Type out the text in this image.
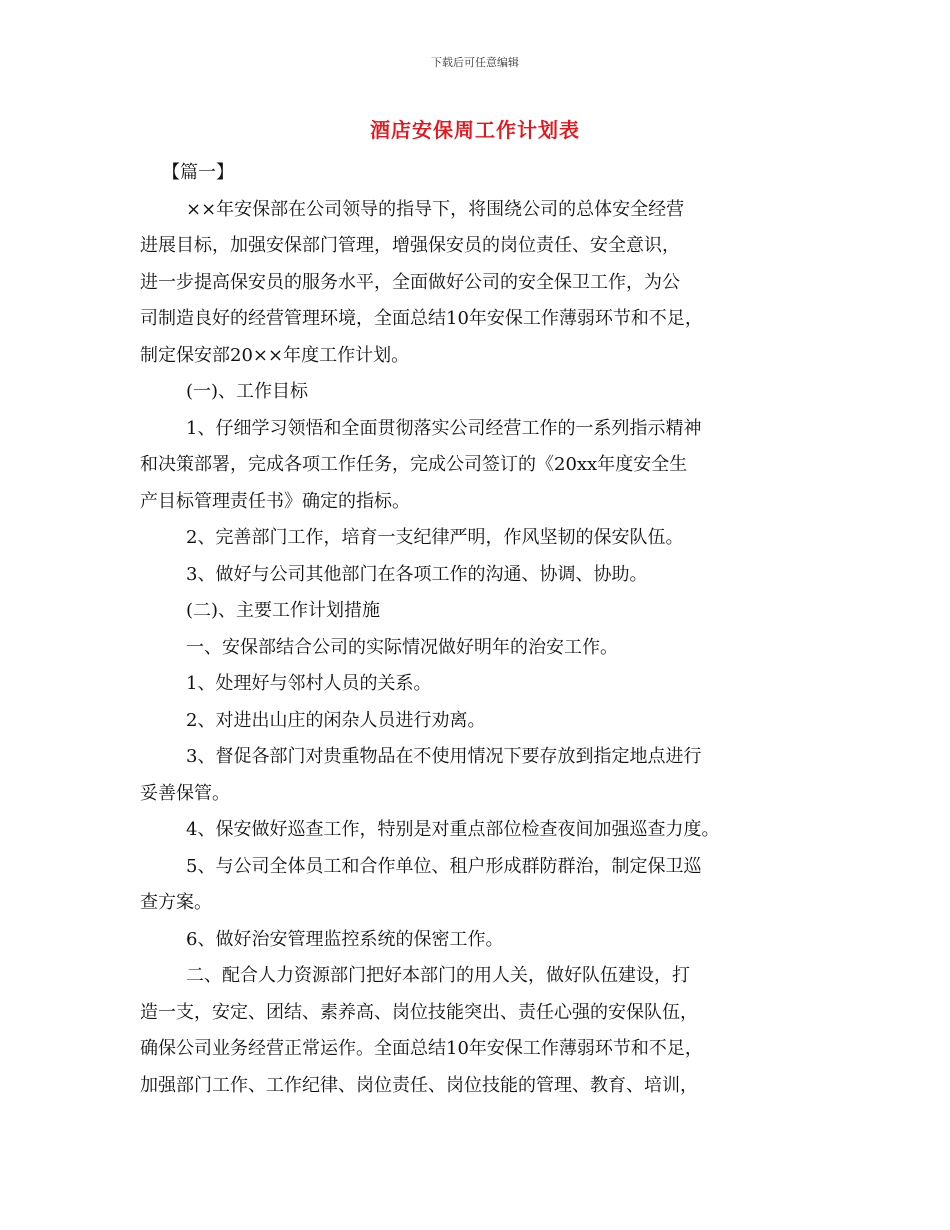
下载后可任意编辑
酒店安保周工作计划表

【篇一】

××年安保部在公司领导的指导下，将围绕公司的总体安全经营

进展目标，加强安保部门管理，增强保安员的岗位责任、安全意识，

进一步提高保安员的服务水平，全面做好公司的安全保卫工作，为公

司制造良好的经营管理环境，全面总结10年安保工作薄弱环节和不足，

制定保安部20××年度工作计划。

(一)、工作目标

1、仔细学习领悟和全面贯彻落实公司经营工作的一系列指示精神

和决策部署，完成各项工作任务，完成公司签订的《20xx年度安全生

产目标管理责任书》确定的指标。

2、完善部门工作，培育一支纪律严明，作风坚韧的保安队伍。

3、做好与公司其他部门在各项工作的沟通、协调、协助。

(二)、主要工作计划措施

一、安保部结合公司的实际情况做好明年的治安工作。

1、处理好与邻村人员的关系。

2、对进出山庄的闲杂人员进行劝离。

3、督促各部门对贵重物品在不使用情况下要存放到指定地点进行

妥善保管。

4、保安做好巡查工作，特别是对重点部位检查夜间加强巡查力度。

5、与公司全体员工和合作单位、租户形成群防群治，制定保卫巡

查方案。

6、做好治安管理监控系统的保密工作。

二、配合人力资源部门把好本部门的用人关，做好队伍建设，打

造一支，安定、团结、素养高、岗位技能突出、责任心强的安保队伍，

确保公司业务经营正常运作。全面总结10年安保工作薄弱环节和不足，

加强部门工作、工作纪律、岗位责任、岗位技能的管理、教育、培训，
